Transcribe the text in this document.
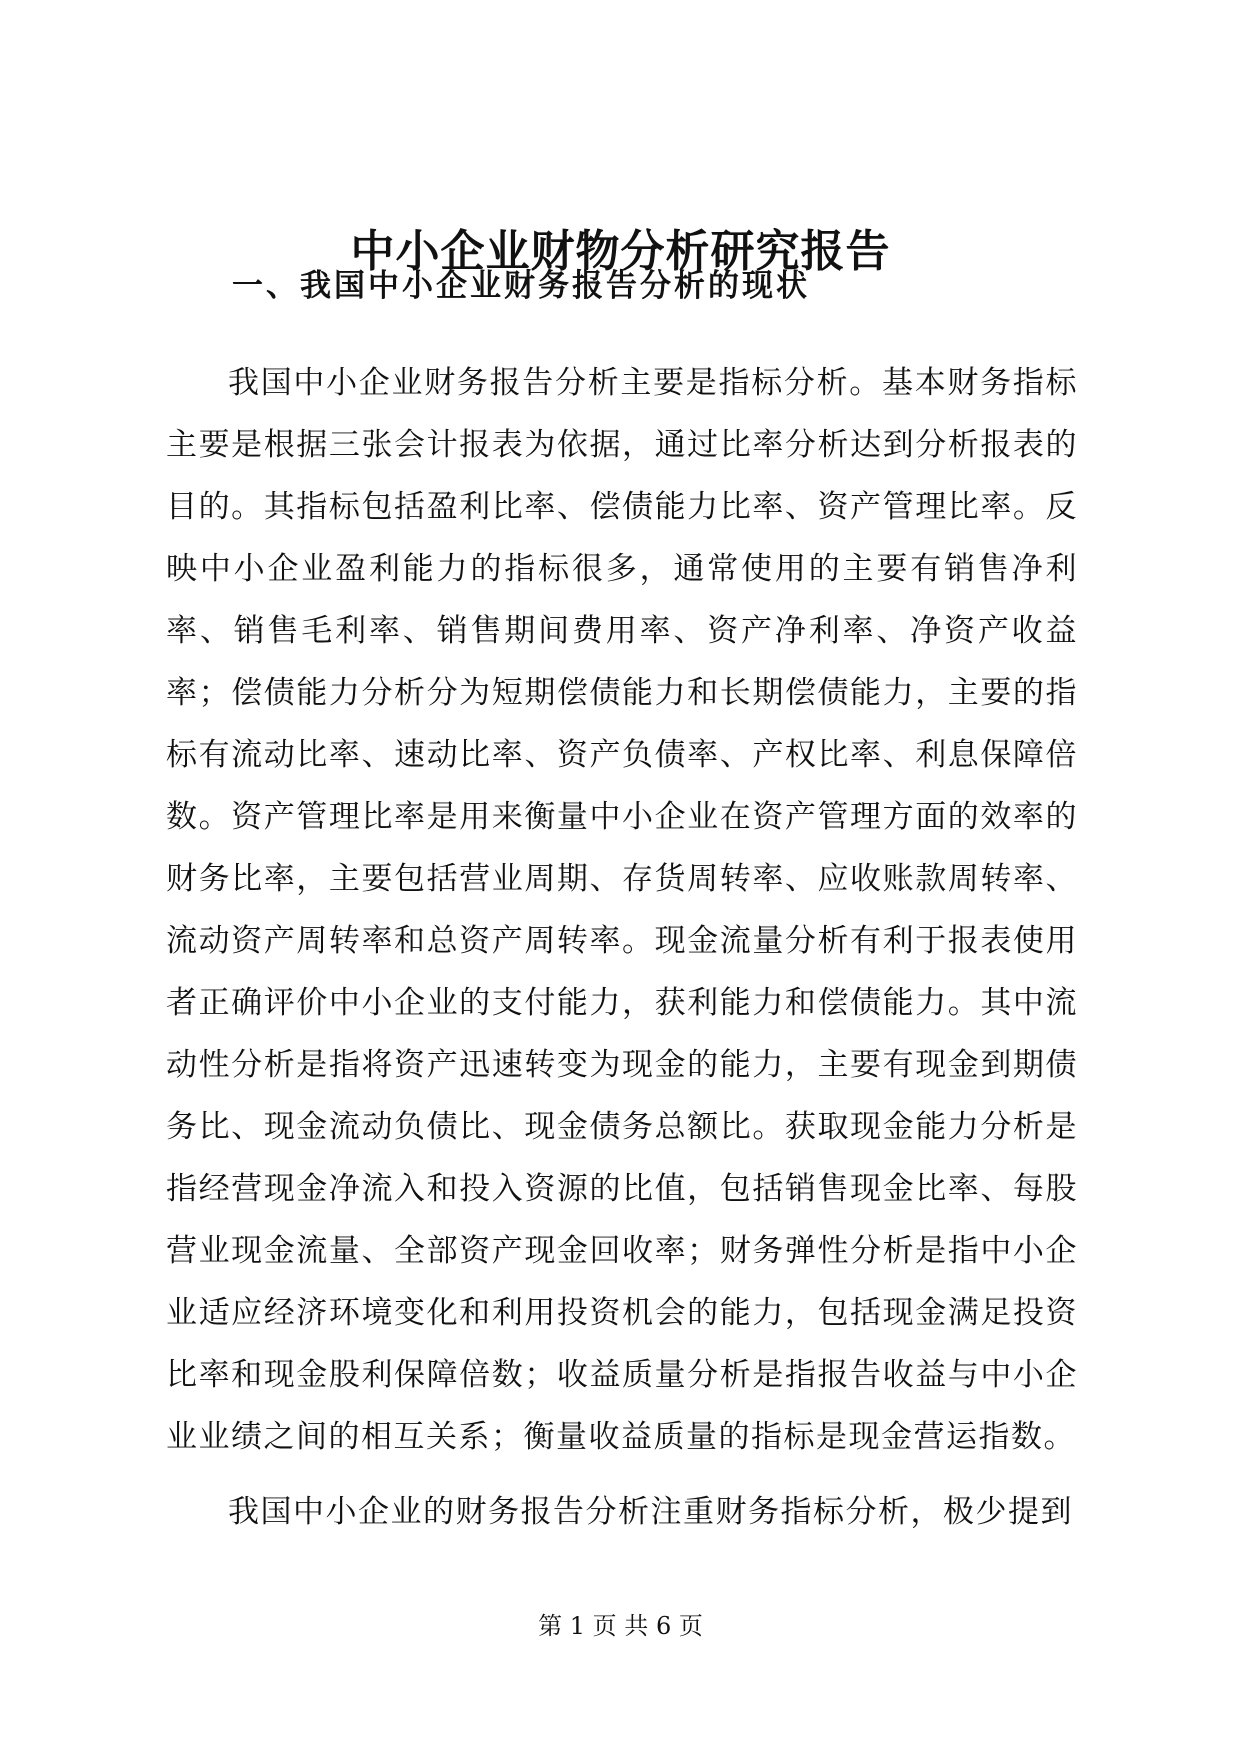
中小企业财物分析研究报告
一、我国中小企业财务报告分析的现状

我国中小企业财务报告分析主要是指标分析。基本财务指标主要是根据三张会计报表为依据，通过比率分析达到分析报表的目的。其指标包括盈利比率、偿债能力比率、资产管理比率。反映中小企业盈利能力的指标很多，通常使用的主要有销售净利率、销售毛利率、销售期间费用率、资产净利率、净资产收益率；偿债能力分析分为短期偿债能力和长期偿债能力，主要的指标有流动比率、速动比率、资产负债率、产权比率、利息保障倍数。资产管理比率是用来衡量中小企业在资产管理方面的效率的财务比率，主要包括营业周期、存货周转率、应收账款周转率、流动资产周转率和总资产周转率。现金流量分析有利于报表使用者正确评价中小企业的支付能力，获利能力和偿债能力。其中流动性分析是指将资产迅速转变为现金的能力，主要有现金到期债务比、现金流动负债比、现金债务总额比。获取现金能力分析是指经营现金净流入和投入资源的比值，包括销售现金比率、每股营业现金流量、全部资产现金回收率；财务弹性分析是指中小企业适应经济环境变化和利用投资机会的能力，包括现金满足投资比率和现金股利保障倍数；收益质量分析是指报告收益与中小企业业绩之间的相互关系；衡量收益质量的指标是现金营运指数。

我国中小企业的财务报告分析注重财务指标分析，极少提到

第 1 页 共 6 页
